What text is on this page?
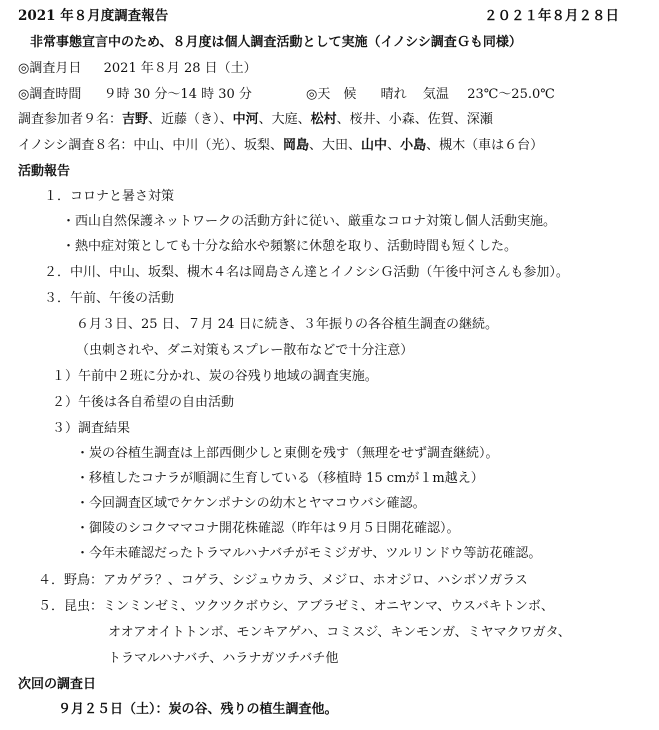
2021 年８月度調査報告	２０２１年８月２８日
非常事態宣言中のため、８月度は個人調査活動として実施（イノシシ調査Ｇも同様）
◎調査月日 2021 年８月 28 日（土）
◎調査時間 ９時 30 分～14 時 30 分	◎天　候 晴れ 気温 23℃～25.0℃
調査参加者９名：吉野、近藤（き）、中河、大庭、松村、桜井、小森、佐賀、深瀬
イノシシ調査８名：中山、中川（光）、坂梨、岡島、大田、山中、小島、槻木（車は６台）
活動報告
１．コロナと暑さ対策
・西山自然保護ネットワークの活動方針に従い、厳重なコロナ対策し個人活動実施。
・熱中症対策としても十分な給水や頻繁に休憩を取り、活動時間も短くした。
２．中川、中山、坂梨、槻木４名は岡島さん達とイノシシＧ活動（午後中河さんも参加）。
３．午前、午後の活動
６月３日、25 日、７月 24 日に続き、３年振りの各谷植生調査の継続。
（虫刺されや、ダニ対策もスプレー散布などで十分注意）
１）午前中２班に分かれ、炭の谷残り地域の調査実施。
２）午後は各自希望の自由活動
３）調査結果
・炭の谷植生調査は上部西側少しと東側を残す（無理をせず調査継続）。
・移植したコナラが順調に生育している（移植時 15 cmが１m越え）
・今回調査区域でケケンポナシの幼木とヤマコウバシ確認。
・御陵のシコクママコナ開花株確認（昨年は９月５日開花確認）。
・今年未確認だったトラマルハナバチがモミジガサ、ツルリンドウ等訪花確認。
４．野鳥：アカゲラ？、コゲラ、シジュウカラ、メジロ、ホオジロ、ハシボソガラス
５．昆虫：ミンミンゼミ、ツクツクボウシ、アブラゼミ、オニヤンマ、ウスバキトンボ、
オオアオイトトンボ、モンキアゲハ、コミスジ、キンモンガ、ミヤマクワガタ、
トラマルハナバチ、ハラナガツチバチ他
次回の調査日
９月２５日（土）：炭の谷、残りの植生調査他。
